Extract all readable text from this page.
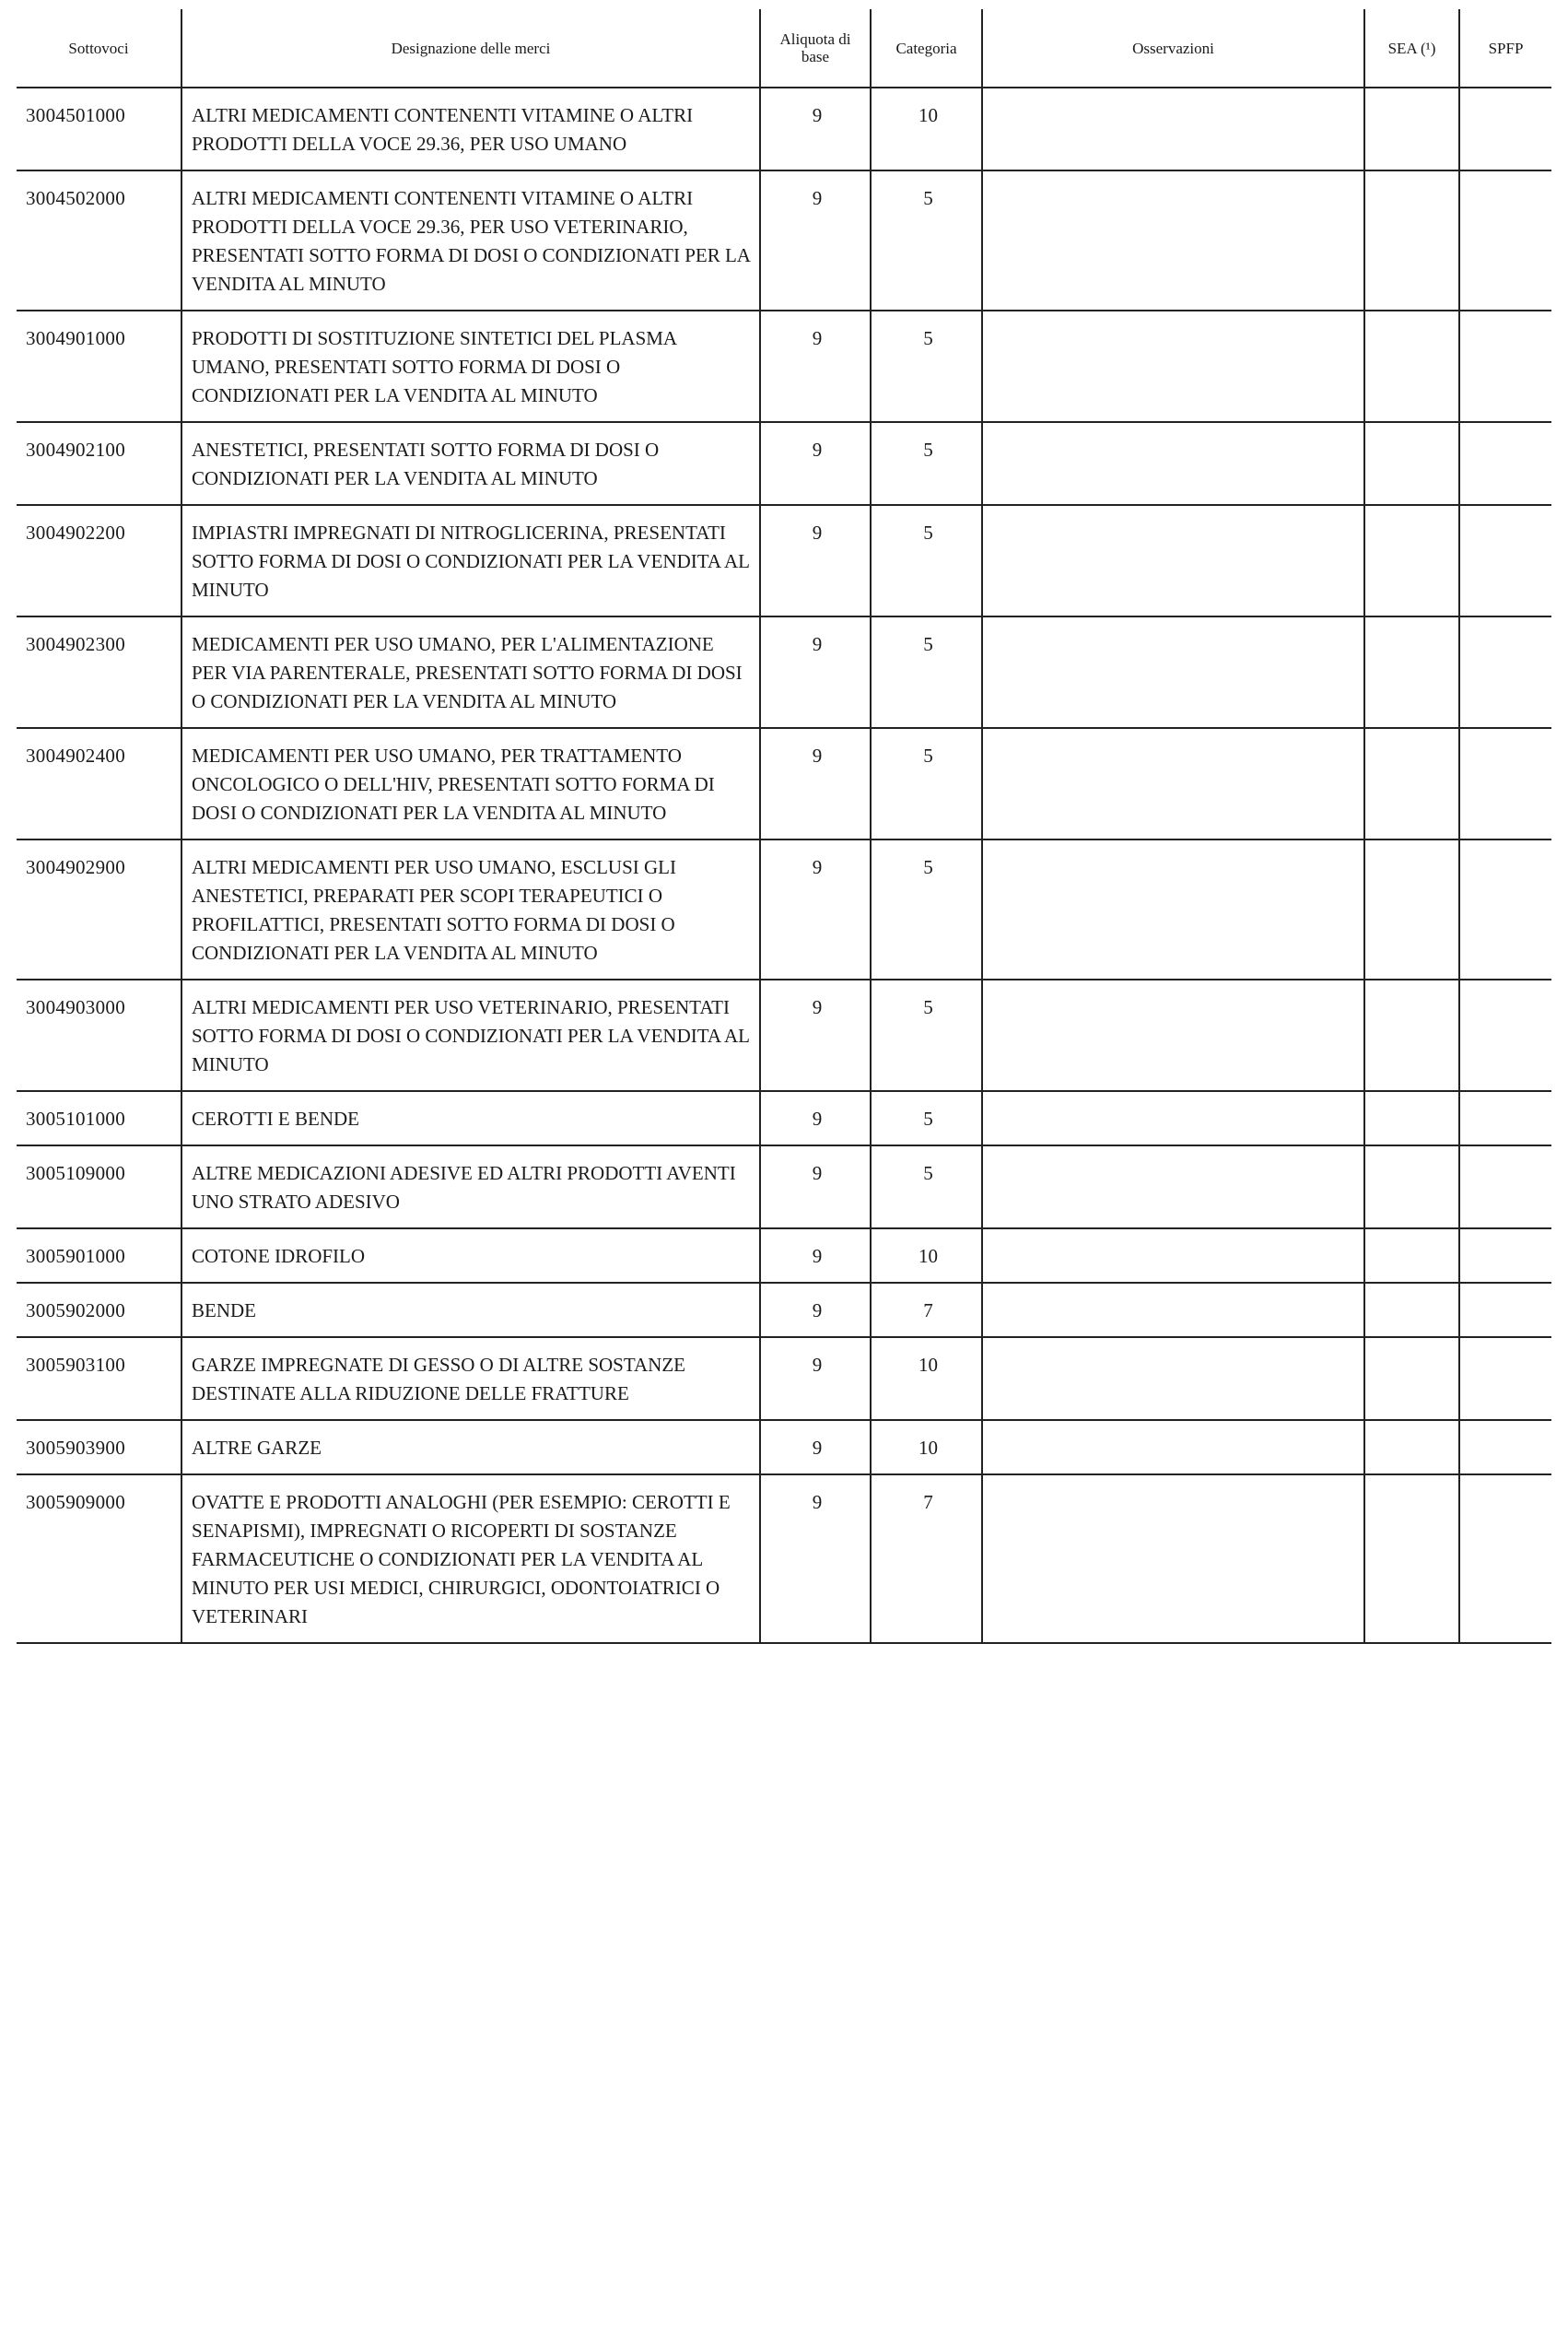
Sottovoci	Designazione delle merci	Aliquota di base	Categoria	Osservazioni	SEA (¹)	SPFP
3004501000	ALTRI MEDICAMENTI CONTENENTI VITAMINE O ALTRI PRODOTTI DELLA VOCE 29.36, PER USO UMANO	9	10			
3004502000	ALTRI MEDICAMENTI CONTENENTI VITAMINE O ALTRI PRODOTTI DELLA VOCE 29.36, PER USO VETERINARIO, PRESENTATI SOTTO FORMA DI DOSI O CONDIZIONATI PER LA VENDITA AL MINUTO	9	5			
3004901000	PRODOTTI DI SOSTITUZIONE SINTETICI DEL PLASMA UMANO, PRESENTATI SOTTO FORMA DI DOSI O CONDIZIONATI PER LA VENDITA AL MINUTO	9	5			
3004902100	ANESTETICI, PRESENTATI SOTTO FORMA DI DOSI O CONDIZIONATI PER LA VENDITA AL MINUTO	9	5			
3004902200	IMPIASTRI IMPREGNATI DI NITROGLICERINA, PRESENTATI SOTTO FORMA DI DOSI O CONDIZIONATI PER LA VENDITA AL MINUTO	9	5			
3004902300	MEDICAMENTI PER USO UMANO, PER L'ALIMENTAZIONE PER VIA PARENTERALE, PRESENTATI SOTTO FORMA DI DOSI O CONDIZIONATI PER LA VENDITA AL MINUTO	9	5			
3004902400	MEDICAMENTI PER USO UMANO, PER TRATTAMENTO ONCOLOGICO O DELL'HIV, PRESENTATI SOTTO FORMA DI DOSI O CONDIZIONATI PER LA VENDITA AL MINUTO	9	5			
3004902900	ALTRI MEDICAMENTI PER USO UMANO, ESCLUSI GLI ANESTETICI, PREPARATI PER SCOPI TERAPEUTICI O PROFILATTICI, PRESENTATI SOTTO FORMA DI DOSI O CONDIZIONATI PER LA VENDITA AL MINUTO	9	5			
3004903000	ALTRI MEDICAMENTI PER USO VETERINARIO, PRESENTATI SOTTO FORMA DI DOSI O CONDIZIONATI PER LA VENDITA AL MINUTO	9	5			
3005101000	CEROTTI E BENDE	9	5			
3005109000	ALTRE MEDICAZIONI ADESIVE ED ALTRI PRODOTTI AVENTI UNO STRATO ADESIVO	9	5			
3005901000	COTONE IDROFILO	9	10			
3005902000	BENDE	9	7			
3005903100	GARZE IMPREGNATE DI GESSO O DI ALTRE SOSTANZE DESTINATE ALLA RIDUZIONE DELLE FRATTURE	9	10			
3005903900	ALTRE GARZE	9	10			
3005909000	OVATTE E PRODOTTI ANALOGHI (PER ESEMPIO: CEROTTI E SENAPISMI), IMPREGNATI O RICOPERTI DI SOSTANZE FARMACEUTICHE O CONDIZIONATI PER LA VENDITA AL MINUTO PER USI MEDICI, CHIRURGICI, ODONTOIATRICI O VETERINARI	9	7			
